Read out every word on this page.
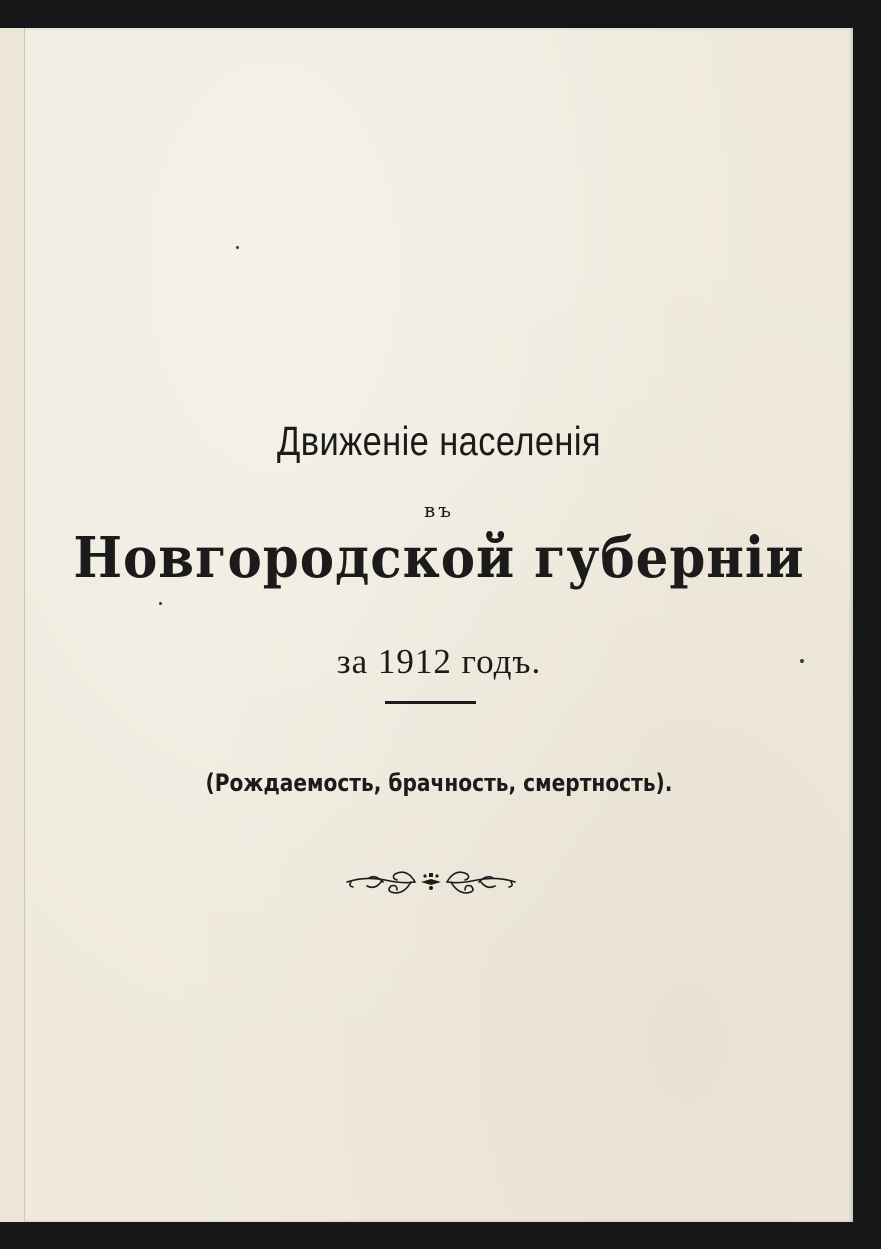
Движеніе населенія
въ
Новгородской губерніи
за 1912 годъ.
(Рождаемость, брачность, смертность).
